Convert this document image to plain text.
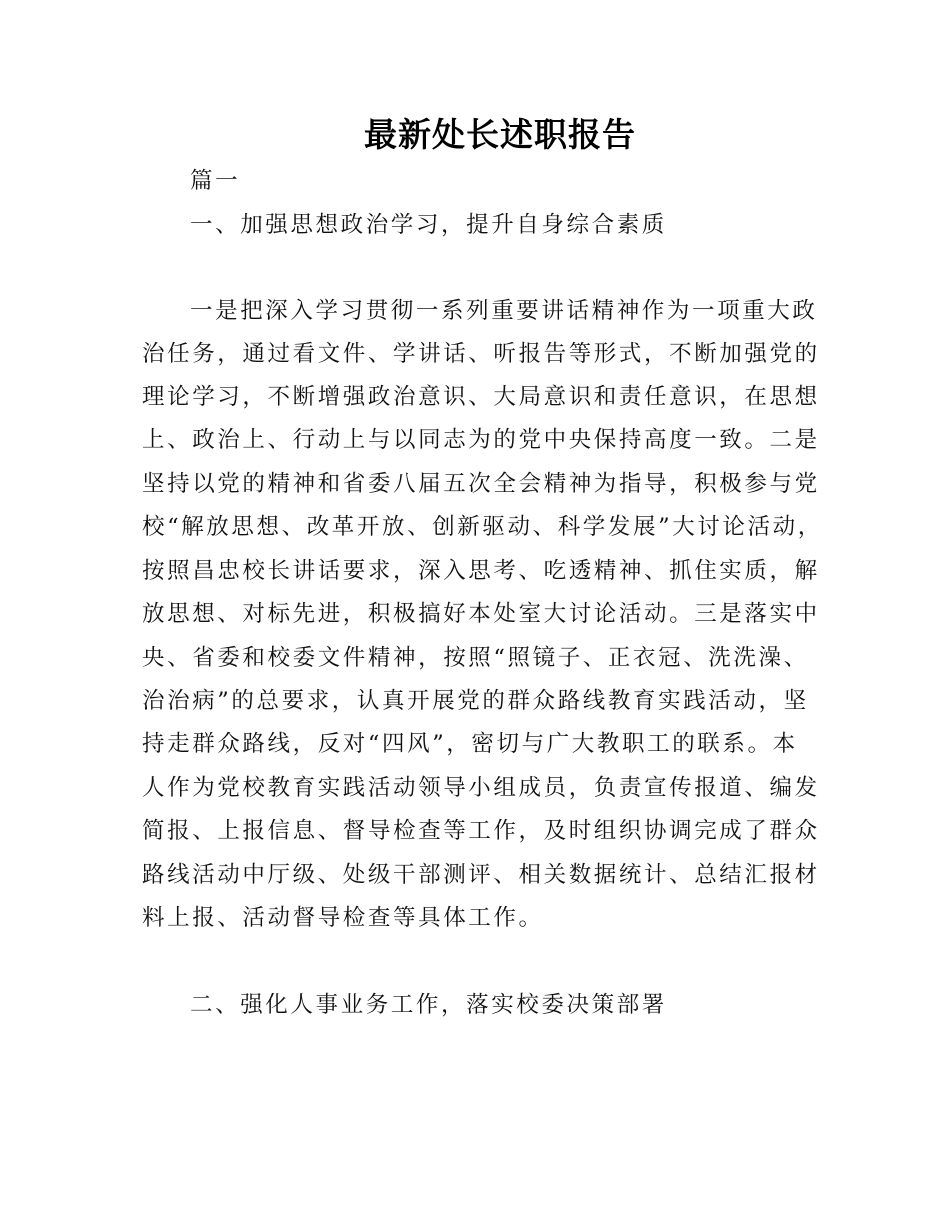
最新处长述职报告
篇一
一、加强思想政治学习，提升自身综合素质
一是把深入学习贯彻一系列重要讲话精神作为一项重大政
治任务，通过看文件、学讲话、听报告等形式，不断加强党的
理论学习，不断增强政治意识、大局意识和责任意识，在思想
上、政治上、行动上与以同志为的党中央保持高度一致。二是
坚持以党的精神和省委八届五次全会精神为指导，积极参与党
校“解放思想、改革开放、创新驱动、科学发展”大讨论活动，
按照昌忠校长讲话要求，深入思考、吃透精神、抓住实质，解
放思想、对标先进，积极搞好本处室大讨论活动。三是落实中
央、省委和校委文件精神，按照“照镜子、正衣冠、洗洗澡、
治治病”的总要求，认真开展党的群众路线教育实践活动，坚
持走群众路线，反对“四风”，密切与广大教职工的联系。本
人作为党校教育实践活动领导小组成员，负责宣传报道、编发
简报、上报信息、督导检查等工作，及时组织协调完成了群众
路线活动中厅级、处级干部测评、相关数据统计、总结汇报材
料上报、活动督导检查等具体工作。
二、强化人事业务工作，落实校委决策部署
